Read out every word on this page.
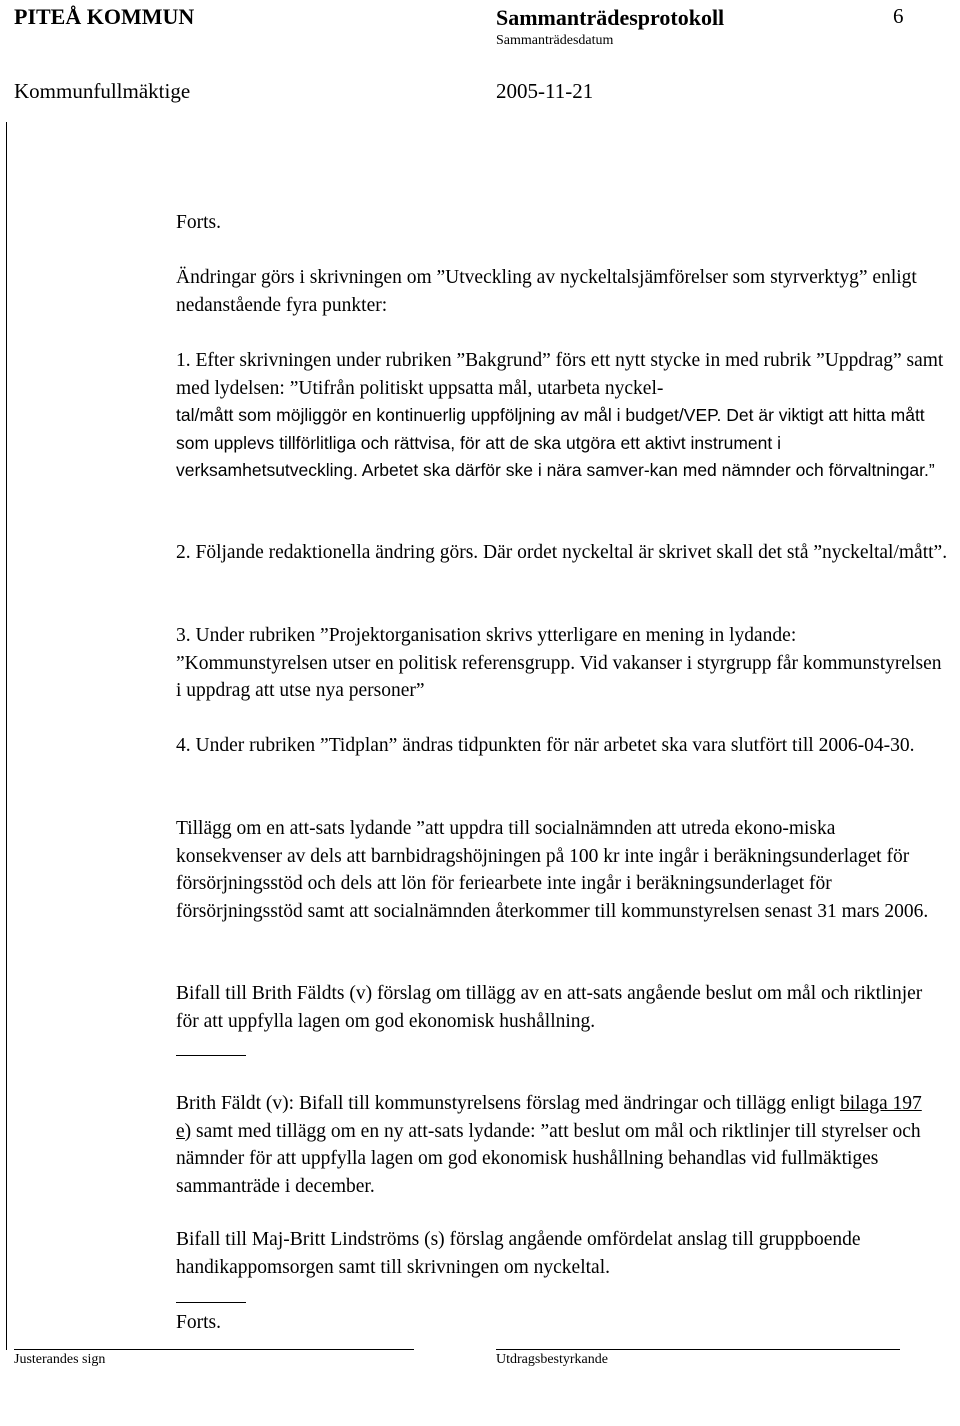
PITEÅ KOMMUN	Sammanträdesprotokoll	6
Sammanträdesdatum
Kommunfullmäktige	2005-11-21
Forts.
Ändringar görs i skrivningen om ”Utveckling av nyckeltalsjämförelser som styrverktyg” enligt nedanstående fyra punkter:

1. Efter skrivningen under rubriken ”Bakgrund” förs ett nytt stycke in med rubrik ”Uppdrag” samt med lydelsen: ”Utifrån politiskt uppsatta mål, utarbeta nyckel-

tal/mått som möjliggör en kontinuerlig uppföljning av mål i budget/VEP. Det är viktigt att hitta mått som upplevs tillförlitliga och rättvisa, för att de ska utgöra ett aktivt instrument i verksamhetsutveckling. Arbetet ska därför ske i nära samver-kan med nämnder och förvaltningar.”

2. Följande redaktionella ändring görs. Där ordet nyckeltal är skrivet skall det stå ”nyckeltal/mått”.
3. Under rubriken ”Projektorganisation skrivs ytterligare en mening in lydande: ”Kommunstyrelsen utser en politisk referensgrupp. Vid vakanser i styrgrupp får kommunstyrelsen i uppdrag att utse nya personer”
4. Under rubriken ”Tidplan” ändras tidpunkten för när arbetet ska vara slutfört till 2006-04-30.
Tillägg om en att-sats lydande ”att uppdra till socialnämnden att utreda ekono-miska konsekvenser av dels att barnbidragshöjningen på 100 kr inte ingår i beräkningsunderlaget för försörjningsstöd och dels att lön för feriearbete inte ingår i beräkningsunderlaget för försörjningsstöd samt att socialnämnden återkommer till kommunstyrelsen senast 31 mars 2006.
Bifall till Brith Fäldts (v) förslag om tillägg av en att-sats angående beslut om mål och riktlinjer för att uppfylla lagen om god ekonomisk hushållning.
Brith Fäldt (v): Bifall till kommunstyrelsens förslag med ändringar och tillägg enligt bilaga 197 e) samt med tillägg om en ny att-sats lydande: ”att beslut om mål och riktlinjer till styrelser och nämnder för att uppfylla lagen om god ekonomisk hushållning behandlas vid fullmäktiges sammanträde i december.
Bifall till Maj-Britt Lindströms (s) förslag angående omfördelat anslag till gruppboende handikappomsorgen samt till skrivningen om nyckeltal.
Forts.
Justerandes sign	Utdragsbestyrkande
